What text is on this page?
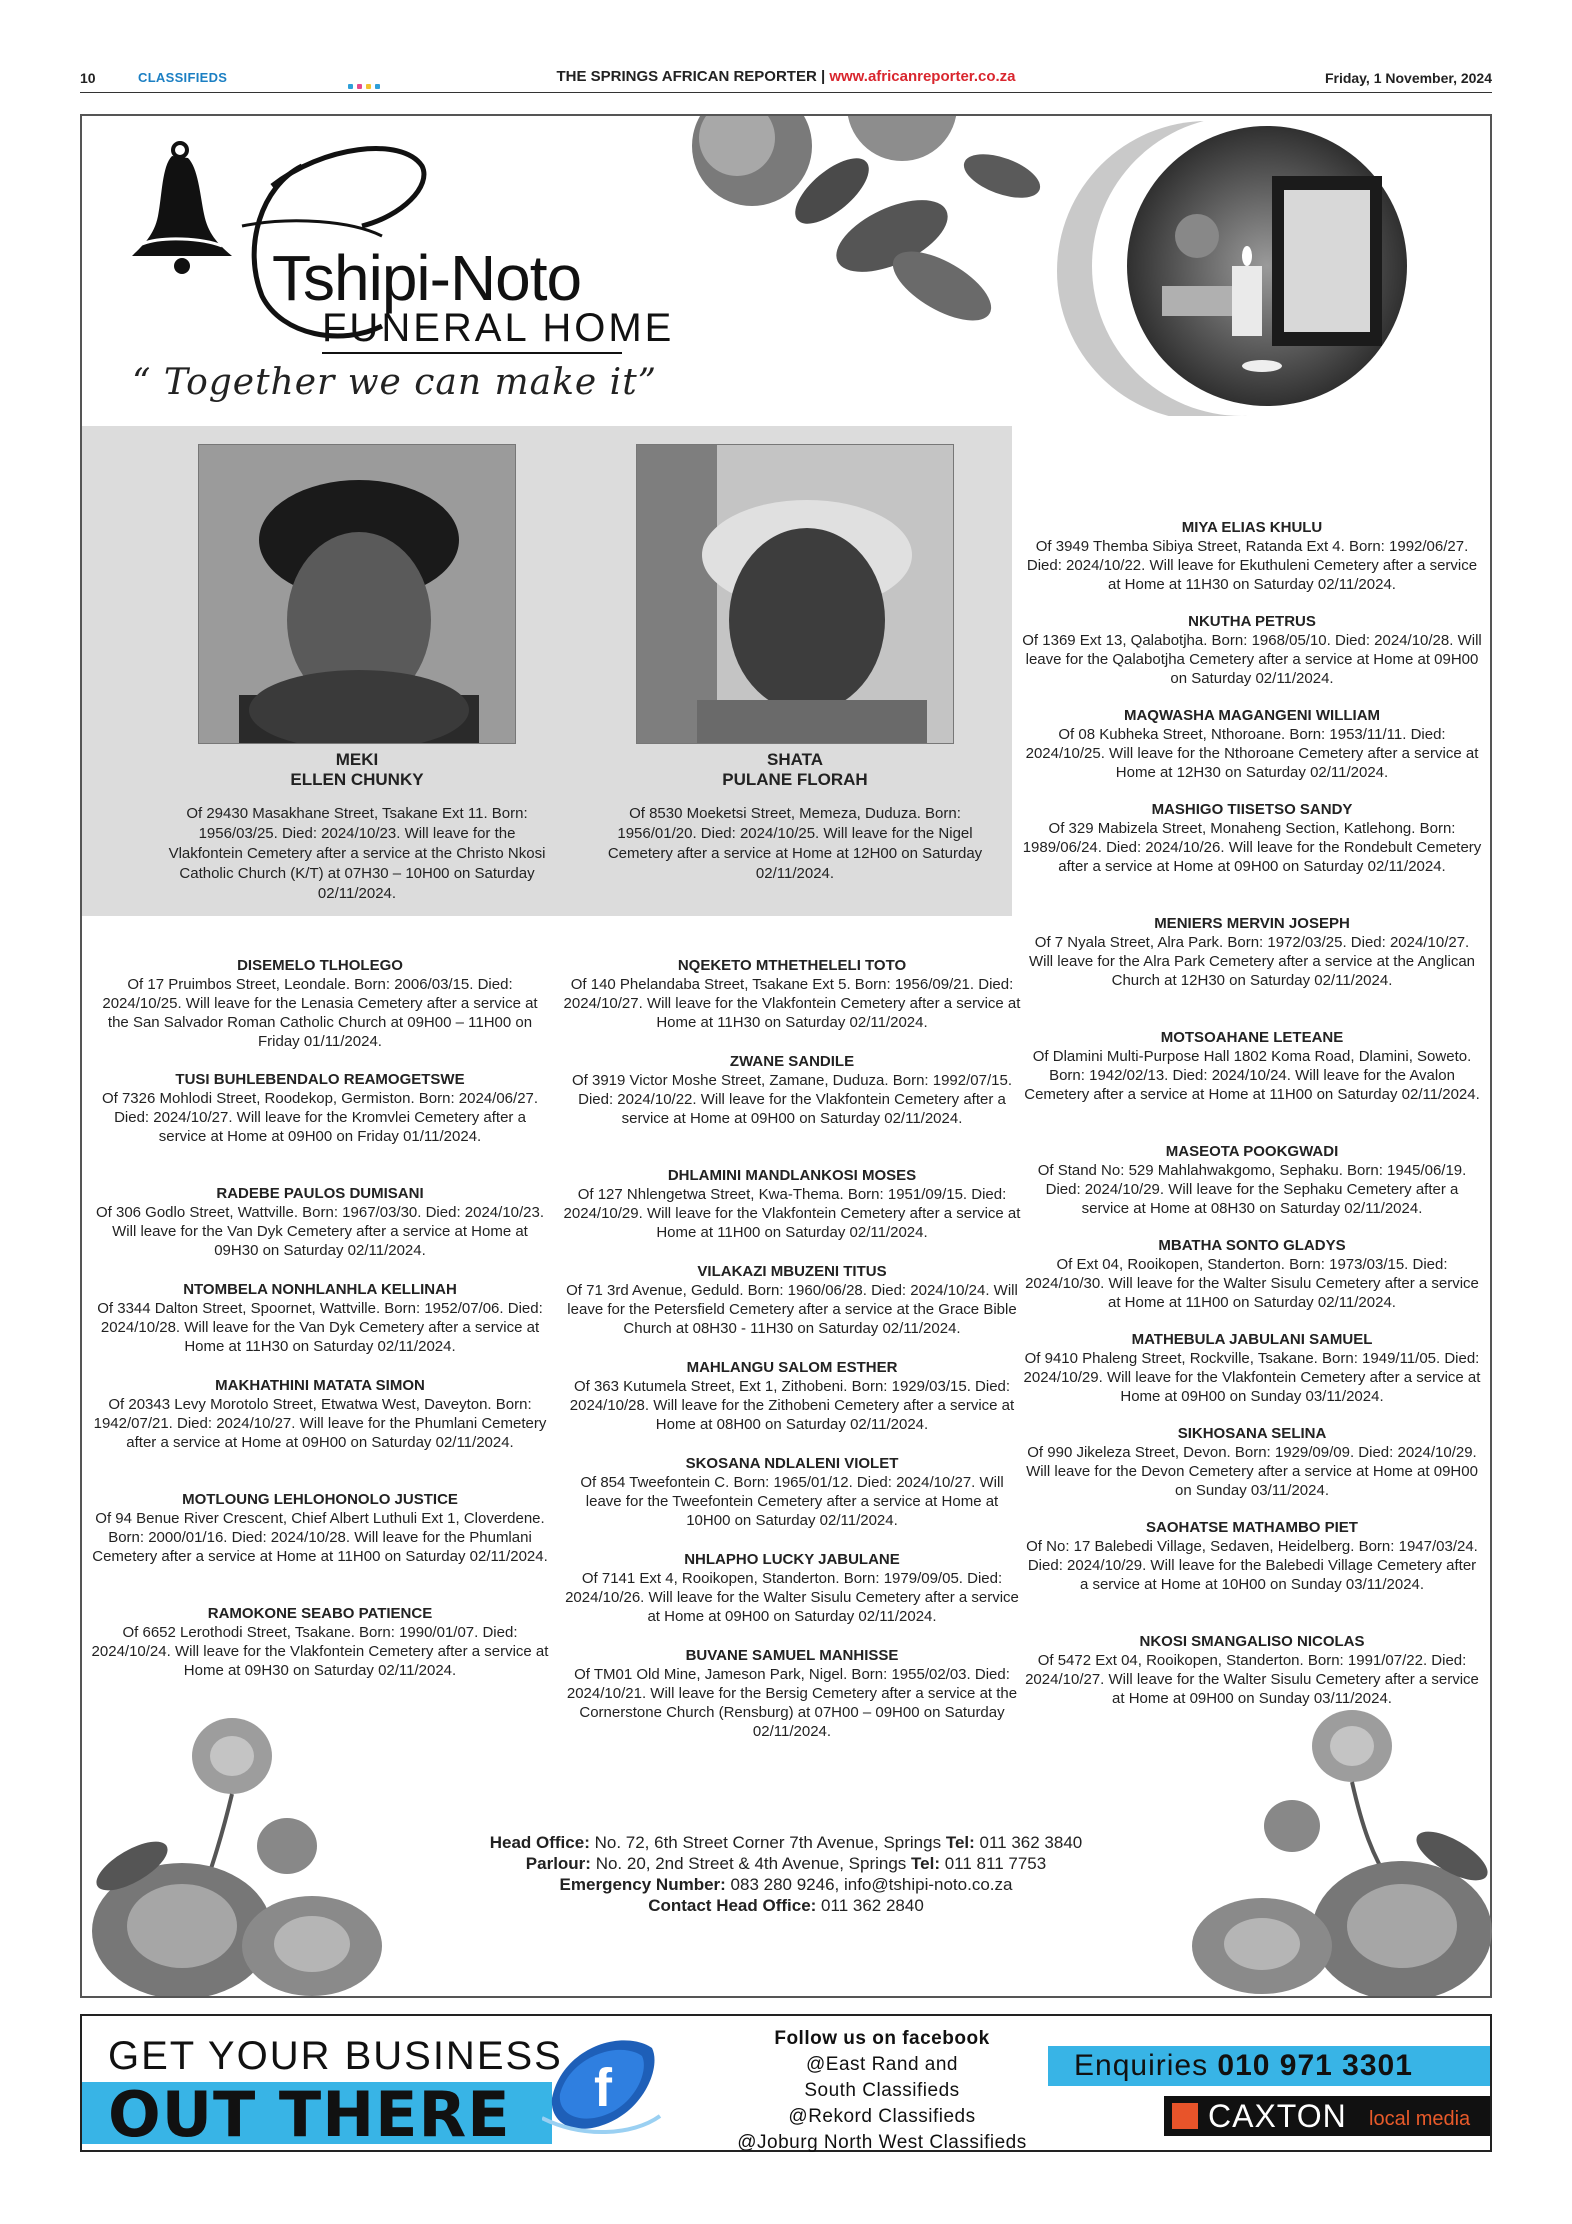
10	CLASSIFIEDS	THE SPRINGS AFRICAN REPORTER | www.africanreporter.co.za	Friday, 1 November, 2024
Tshipi-Noto
FUNERAL HOME
“ Together we can make it”
MEKI
ELLEN CHUNKY
Of 29430 Masakhane Street, Tsakane Ext 11. Born: 1956/03/25. Died: 2024/10/23. Will leave for the Vlakfontein Cemetery after a service at the Christo Nkosi Catholic Church (K/T) at 07H30 – 10H00 on Saturday 02/11/2024.
SHATA
PULANE FLORAH
Of 8530 Moeketsi Street, Memeza, Duduza. Born: 1956/01/20. Died: 2024/10/25. Will leave for the Nigel Cemetery after a service at Home at 12H00 on Saturday 02/11/2024.
DISEMELO TLHOLEGO
Of 17 Pruimbos Street, Leondale. Born: 2006/03/15. Died: 2024/10/25. Will leave for the Lenasia Cemetery after a service at the San Salvador Roman Catholic Church at 09H00 – 11H00 on Friday 01/11/2024.
TUSI BUHLEBENDALO REAMOGETSWE
Of 7326 Mohlodi Street, Roodekop, Germiston. Born: 2024/06/27. Died: 2024/10/27. Will leave for the Kromvlei Cemetery after a service at Home at 09H00 on Friday 01/11/2024.
RADEBE PAULOS DUMISANI
Of 306 Godlo Street, Wattville. Born: 1967/03/30. Died: 2024/10/23. Will leave for the Van Dyk Cemetery after a service at Home at 09H30 on Saturday 02/11/2024.
NTOMBELA NONHLANHLA KELLINAH
Of 3344 Dalton Street, Spoornet, Wattville. Born: 1952/07/06. Died: 2024/10/28. Will leave for the Van Dyk Cemetery after a service at Home at 11H30 on Saturday 02/11/2024.
MAKHATHINI MATATA SIMON
Of 20343 Levy Morotolo Street, Etwatwa West, Daveyton. Born: 1942/07/21. Died: 2024/10/27. Will leave for the Phumlani Cemetery after a service at Home at 09H00 on Saturday 02/11/2024.
MOTLOUNG LEHLOHONOLO JUSTICE
Of 94 Benue River Crescent, Chief Albert Luthuli Ext 1, Cloverdene. Born: 2000/01/16. Died: 2024/10/28. Will leave for the Phumlani Cemetery after a service at Home at 11H00 on Saturday 02/11/2024.
RAMOKONE SEABO PATIENCE
Of 6652 Lerothodi Street, Tsakane. Born: 1990/01/07. Died: 2024/10/24. Will leave for the Vlakfontein Cemetery after a service at Home at 09H30 on Saturday 02/11/2024.
NQEKETO MTHETHELELI TOTO
Of 140 Phelandaba Street, Tsakane Ext 5. Born: 1956/09/21. Died: 2024/10/27. Will leave for the Vlakfontein Cemetery after a service at Home at 11H30 on Saturday 02/11/2024.
ZWANE SANDILE
Of 3919 Victor Moshe Street, Zamane, Duduza. Born: 1992/07/15. Died: 2024/10/22. Will leave for the Vlakfontein Cemetery after a service at Home at 09H00 on Saturday 02/11/2024.
DHLAMINI MANDLANKOSI MOSES
Of 127 Nhlengetwa Street, Kwa-Thema. Born: 1951/09/15. Died: 2024/10/29. Will leave for the Vlakfontein Cemetery after a service at Home at 11H00 on Saturday 02/11/2024.
VILAKAZI MBUZENI TITUS
Of 71 3rd Avenue, Geduld. Born: 1960/06/28. Died: 2024/10/24. Will leave for the Petersfield Cemetery after a service at the Grace Bible Church at 08H30 - 11H30 on Saturday 02/11/2024.
MAHLANGU SALOM ESTHER
Of 363 Kutumela Street, Ext 1, Zithobeni. Born: 1929/03/15. Died: 2024/10/28. Will leave for the Zithobeni Cemetery after a service at Home at 08H00 on Saturday 02/11/2024.
SKOSANA NDLALENI VIOLET
Of 854 Tweefontein C. Born: 1965/01/12. Died: 2024/10/27. Will leave for the Tweefontein Cemetery after a service at Home at 10H00 on Saturday 02/11/2024.
NHLAPHO LUCKY JABULANE
Of 7141 Ext 4, Rooikopen, Standerton. Born: 1979/09/05. Died: 2024/10/26. Will leave for the Walter Sisulu Cemetery after a service at Home at 09H00 on Saturday 02/11/2024.
BUVANE SAMUEL MANHISSE
Of TM01 Old Mine, Jameson Park, Nigel. Born: 1955/02/03. Died: 2024/10/21. Will leave for the Bersig Cemetery after a service at the Cornerstone Church (Rensburg) at 07H00 – 09H00 on Saturday 02/11/2024.
MIYA ELIAS KHULU
Of 3949 Themba Sibiya Street, Ratanda Ext 4. Born: 1992/06/27. Died: 2024/10/22. Will leave for Ekuthuleni Cemetery after a service at Home at 11H30 on Saturday 02/11/2024.
NKUTHA PETRUS
Of 1369 Ext 13, Qalabotjha. Born: 1968/05/10. Died: 2024/10/28. Will leave for the Qalabotjha Cemetery after a service at Home at 09H00 on Saturday 02/11/2024.
MAQWASHA MAGANGENI WILLIAM
Of 08 Kubheka Street, Nthoroane. Born: 1953/11/11. Died: 2024/10/25. Will leave for the Nthoroane Cemetery after a service at Home at 12H30 on Saturday 02/11/2024.
MASHIGO TIISETSO SANDY
Of 329 Mabizela Street, Monaheng Section, Katlehong. Born: 1989/06/24. Died: 2024/10/26. Will leave for the Rondebult Cemetery after a service at Home at 09H00 on Saturday 02/11/2024.
MENIERS MERVIN JOSEPH
Of 7 Nyala Street, Alra Park. Born: 1972/03/25. Died: 2024/10/27. Will leave for the Alra Park Cemetery after a service at the Anglican Church at 12H30 on Saturday 02/11/2024.
MOTSOAHANE LETEANE
Of Dlamini Multi-Purpose Hall 1802 Koma Road, Dlamini, Soweto. Born: 1942/02/13. Died: 2024/10/24. Will leave for the Avalon Cemetery after a service at Home at 11H00 on Saturday 02/11/2024.
MASEOTA POOKGWADI
Of Stand No: 529 Mahlahwakgomo, Sephaku. Born: 1945/06/19. Died: 2024/10/29. Will leave for the Sephaku Cemetery after a service at Home at 08H30 on Saturday 02/11/2024.
MBATHA SONTO GLADYS
Of Ext 04, Rooikopen, Standerton. Born: 1973/03/15. Died: 2024/10/30. Will leave for the Walter Sisulu Cemetery after a service at Home at 11H00 on Saturday 02/11/2024.
MATHEBULA JABULANI SAMUEL
Of 9410 Phaleng Street, Rockville, Tsakane. Born: 1949/11/05. Died: 2024/10/29. Will leave for the Vlakfontein Cemetery after a service at Home at 09H00 on Sunday 03/11/2024.
SIKHOSANA SELINA
Of 990 Jikeleza Street, Devon. Born: 1929/09/09. Died: 2024/10/29. Will leave for the Devon Cemetery after a service at Home at 09H00 on Sunday 03/11/2024.
SAOHATSE MATHAMBO PIET
Of No: 17 Balebedi Village, Sedaven, Heidelberg. Born: 1947/03/24. Died: 2024/10/29. Will leave for the Balebedi Village Cemetery after a service at Home at 10H00 on Sunday 03/11/2024.
NKOSI SMANGALISO NICOLAS
Of 5472 Ext 04, Rooikopen, Standerton. Born: 1991/07/22. Died: 2024/10/27. Will leave for the Walter Sisulu Cemetery after a service at Home at 09H00 on Sunday 03/11/2024.
Head Office: No. 72, 6th Street Corner 7th Avenue, Springs Tel: 011 362 3840
Parlour: No. 20, 2nd Street & 4th Avenue, Springs Tel: 011 811 7753
Emergency Number: 083 280 9246, info@tshipi-noto.co.za
Contact Head Office: 011 362 2840
GET YOUR BUSINESS
OUT THERE f
Follow us on facebook
@East Rand and
South Classifieds
@Rekord Classifieds
@Joburg North West Classifieds
Enquiries 010 971 3301
CAXTON local media
